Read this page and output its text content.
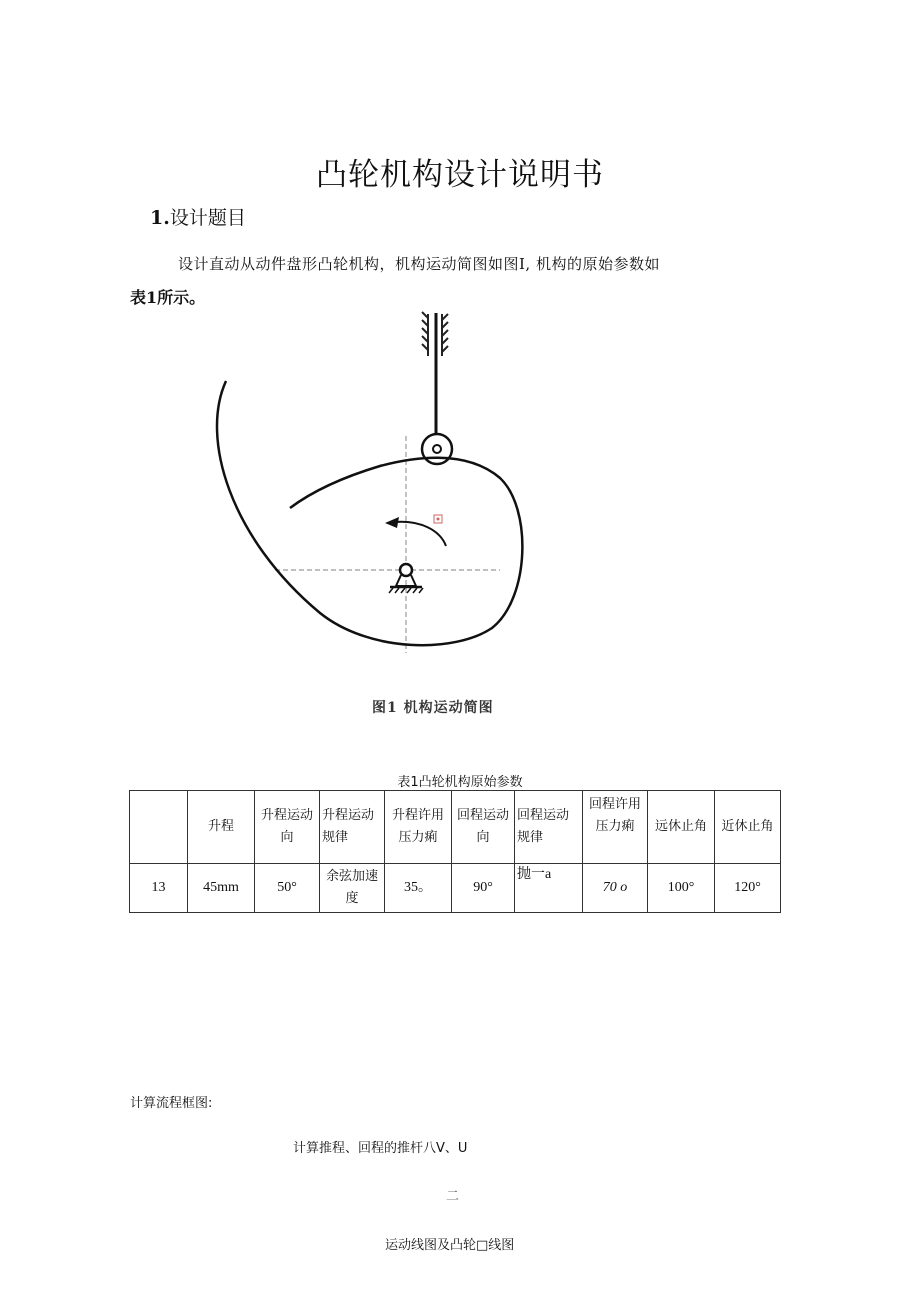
凸轮机构设计说明书
1.设计题目
设计直动从动件盘形凸轮机构，机构运动简图如图I, 机构的原始参数如
表1所示。
图1 机构运动简图
表1凸轮机构原始参数
	升程	升程运动向	升程运动规律	升程许用压力痢	回程运动向	回程运动规律	回程许用压力痢	远休止角	近休止角
13	45mm	50°	余弦加速度	35。	90°	抛一a	70 o	100°	120°
计算流程框图:
计算推程、回程的推杆八V、U
二
运动线图及凸轮□线图
